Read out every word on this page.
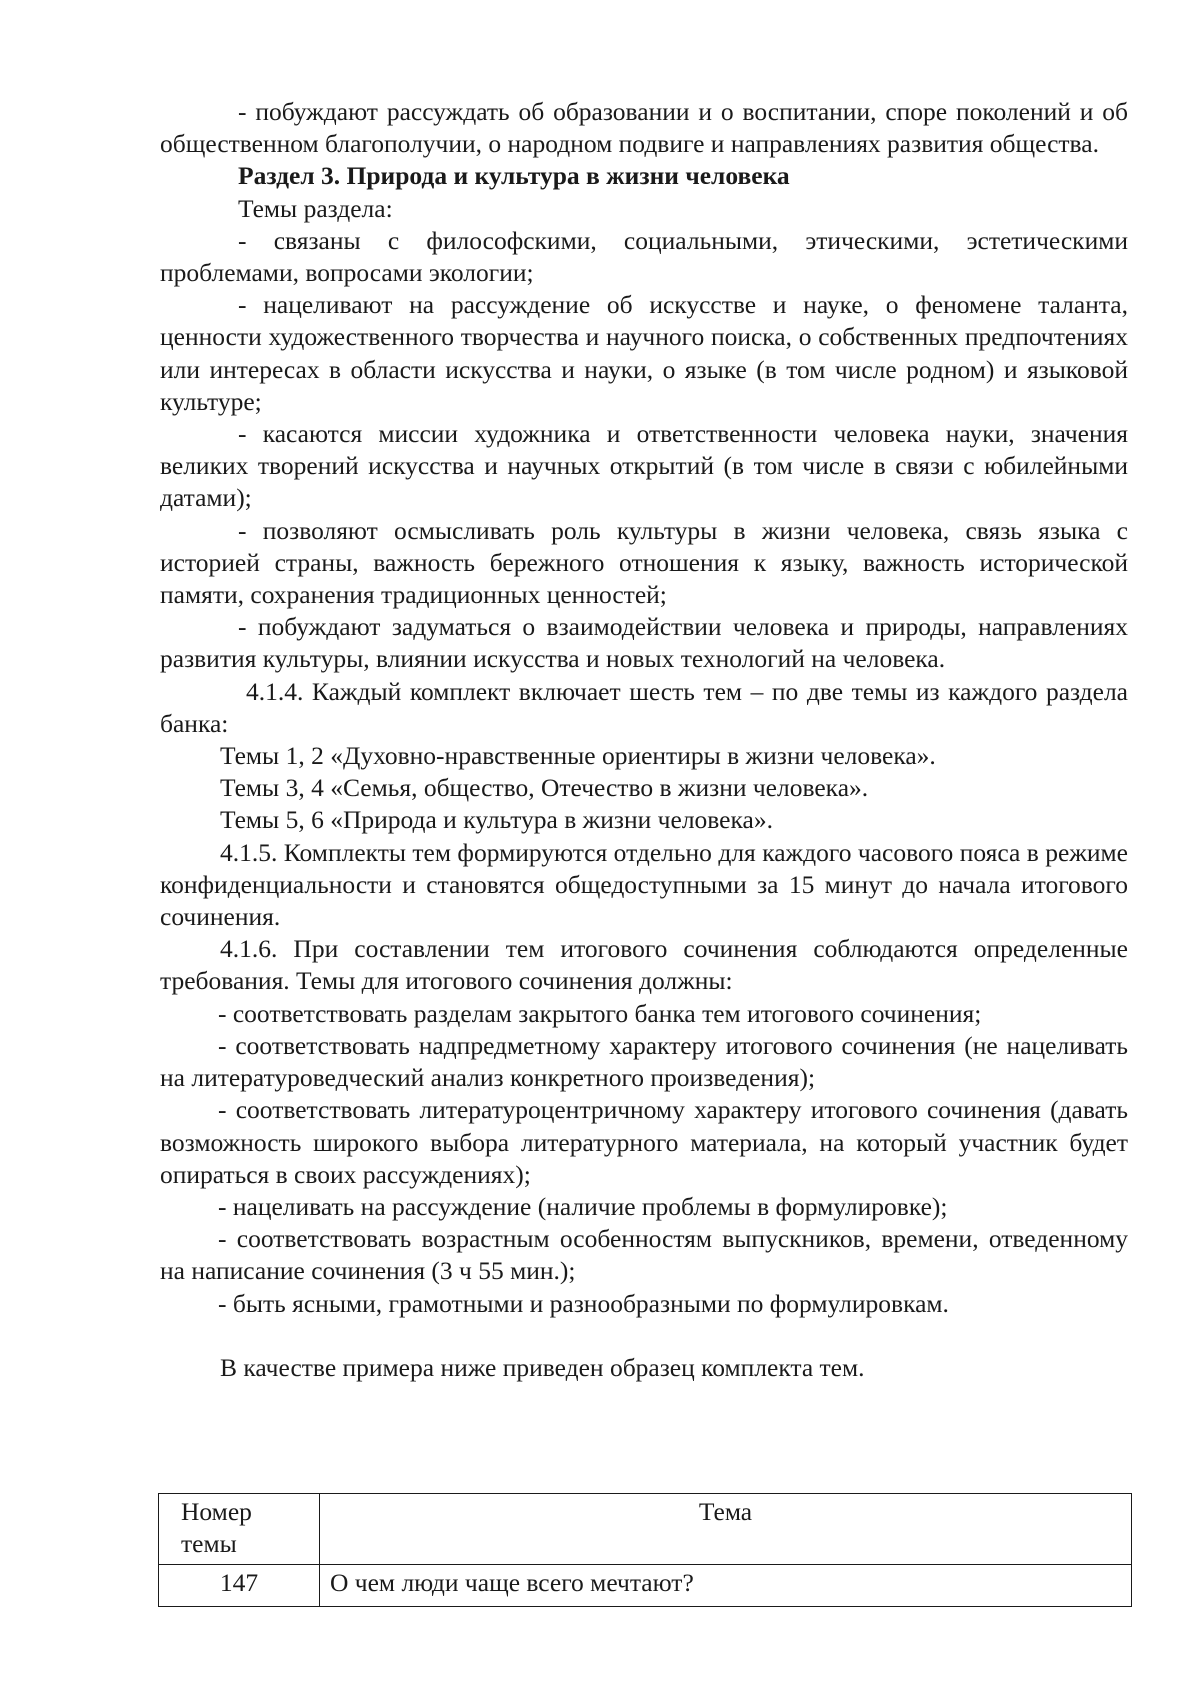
- побуждают рассуждать об образовании и о воспитании, споре поколений и об общественном благополучии, о народном подвиге и направлениях развития общества.

Раздел 3. Природа и культура в жизни человека

Темы раздела:

- связаны с философскими, социальными, этическими, эстетическими проблемами, вопросами экологии;

- нацеливают на рассуждение об искусстве и науке, о феномене таланта, ценности художественного творчества и научного поиска, о собственных предпочтениях или интересах в области искусства и науки, о языке (в том числе родном) и языковой культуре;

- касаются миссии художника и ответственности человека науки, значения великих творений искусства и научных открытий (в том числе в связи с юбилейными датами);

- позволяют осмысливать роль культуры в жизни человека, связь языка с историей страны, важность бережного отношения к языку, важность исторической памяти, сохранения традиционных ценностей;

- побуждают задуматься о взаимодействии человека и природы, направлениях развития культуры, влиянии искусства и новых технологий на человека.

4.1.4. Каждый комплект включает шесть тем – по две темы из каждого раздела банка:

Темы 1, 2 «Духовно-нравственные ориентиры в жизни человека».

Темы 3, 4 «Семья, общество, Отечество в жизни человека».

Темы 5, 6 «Природа и культура в жизни человека».

4.1.5. Комплекты тем формируются отдельно для каждого часового пояса в режиме конфиденциальности и становятся общедоступными за 15 минут до начала итогового сочинения.

4.1.6. При составлении тем итогового сочинения соблюдаются определенные требования. Темы для итогового сочинения должны:

- соответствовать разделам закрытого банка тем итогового сочинения;

- соответствовать надпредметному характеру итогового сочинения (не нацеливать на литературоведческий анализ конкретного произведения);

- соответствовать литературоцентричному характеру итогового сочинения (давать возможность широкого выбора литературного материала, на который участник будет опираться в своих рассуждениях);

- нацеливать на рассуждение (наличие проблемы в формулировке);

- соответствовать возрастным особенностям выпускников, времени, отведенному на написание сочинения (3 ч 55 мин.);

- быть ясными, грамотными и разнообразными по формулировкам.

В качестве примера ниже приведен образец комплекта тем.

Номер темы	Тема
147	О чем люди чаще всего мечтают?
